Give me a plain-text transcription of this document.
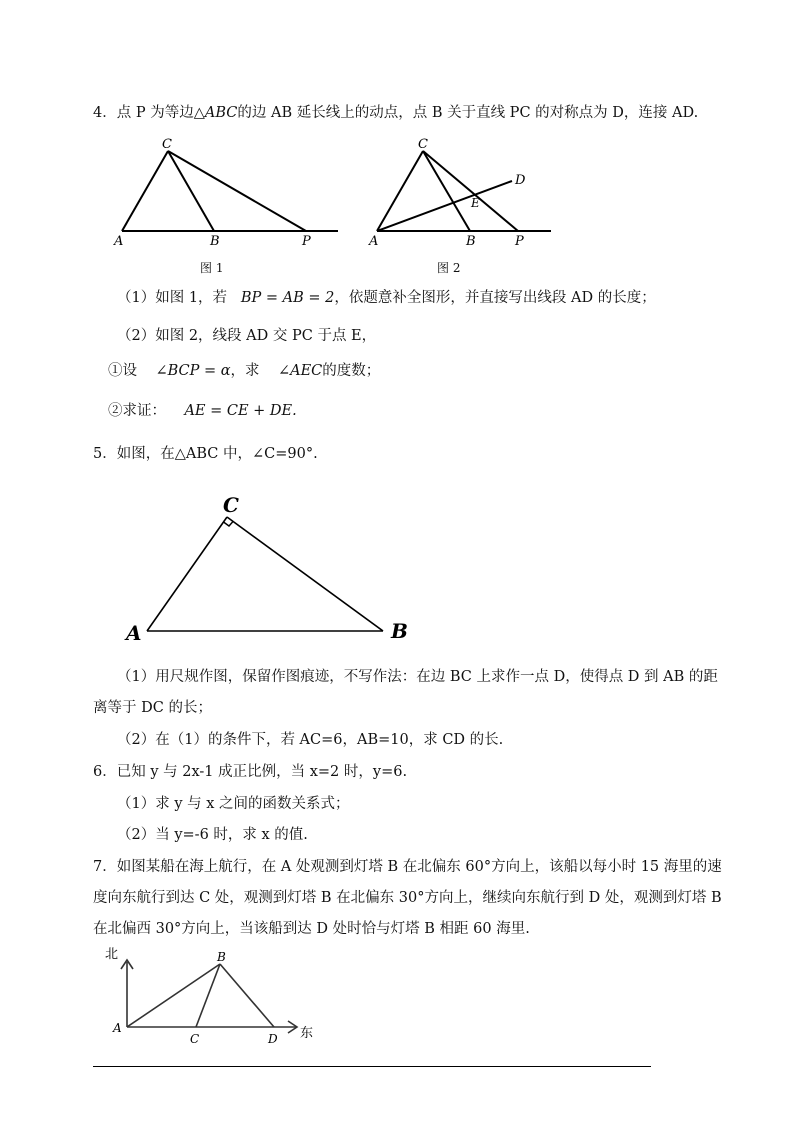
4．点 P 为等边△ABC的边 AB 延长线上的动点，点 B 关于直线 PC 的对称点为 D，连接 AD.
C
A	B	P
C
D
E
A	B	P
C
A	B
北
东
A
B
C	D
图 1	图 2
（1）如图 1，若 BP = AB = 2，依题意补全图形，并直接写出线段 AD 的长度；
（2）如图 2，线段 AD 交 PC 于点 E，
①设 ∠BCP = α，求 ∠AEC的度数；
②求证： AE = CE + DE.
5．如图，在△ABC 中，∠C=90°.
（1）用尺规作图，保留作图痕迹，不写作法：在边 BC 上求作一点 D，使得点 D 到 AB 的距
离等于 DC 的长；
（2）在（1）的条件下，若 AC=6，AB=10，求 CD 的长.
6．已知 y 与 2x-1 成正比例，当 x=2 时，y=6.
（1）求 y 与 x 之间的函数关系式；
（2）当 y=-6 时，求 x 的值.
7．如图某船在海上航行，在 A 处观测到灯塔 B 在北偏东 60°方向上，该船以每小时 15 海里的速
度向东航行到达 C 处，观测到灯塔 B 在北偏东 30°方向上，继续向东航行到 D 处，观测到灯塔 B
在北偏西 30°方向上，当该船到达 D 处时恰与灯塔 B 相距 60 海里.
